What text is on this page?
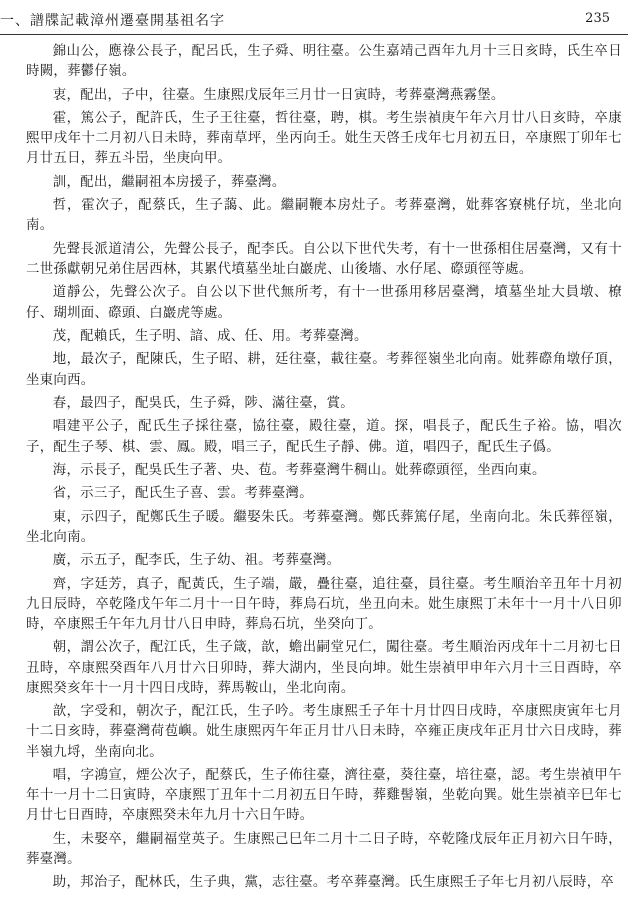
一、譜牒記載漳州遷臺開基祖名字	235

錦山公，應祿公長子，配呂氏，生子舜、明往臺。公生嘉靖己酉年九月十三日亥時，氏生卒日時闕，葬鬱仔嶺。

衷，配出，子中，往臺。生康熙戊辰年三月廿一日寅時，考葬臺灣燕霧堡。

霍，篤公子，配許氏，生子王往臺，哲往臺，聘，棋。考生崇禎庚午年六月廿八日亥時，卒康熙甲戌年十二月初八日未時，葬南草坪，坐丙向壬。妣生天啓壬戌年七月初五日，卒康熙丁卯年七月廿五日，葬五斗岊，坐庚向甲。

訓，配出，繼嗣祖本房援子，葬臺灣。

哲，霍次子，配蔡氏，生子藹、此。繼嗣鞭本房灶子。考葬臺灣，妣葬客寮桃仔坑，坐北向南。

先聲長派道清公，先聲公長子，配李氏。自公以下世代失考，有十一世孫相住居臺灣，又有十二世孫獻朝兄弟住居西林，其累代墳墓坐址白巖虎、山後墻、水仔尾、磜頭徑等處。

道靜公，先聲公次子。自公以下世代無所考，有十一世孫用移居臺灣，墳墓坐址大員墩、橑仔、瑚圳面、磜頭、白巖虎等處。

茂，配賴氏，生子明、諳、成、任、用。考葬臺灣。

地，最次子，配陳氏，生子昭、耕，廷往臺，載往臺。考葬徑嶺坐北向南。妣葬磜角墩仔頂，坐東向西。

春，最四子，配吳氏，生子舜，陟、滿往臺，賞。

唱建平公子，配氏生子採往臺，協往臺，殿往臺，道。探，唱長子，配氏生子裕。協，唱次子，配生子琴、棋、雲、鳳。殿，唱三子，配氏生子靜、佛。道，唱四子，配氏生子僞。

海，示長子，配吳氏生子著、央、苞。考葬臺灣牛稠山。妣葬磜頭徑，坐西向東。

省，示三子，配氏生子喜、雲。考葬臺灣。

東，示四子，配鄭氏生子暖。繼娶朱氏。考葬臺灣。鄭氏葬篤仔尾，坐南向北。朱氏葬徑嶺，坐北向南。

廣，示五子，配李氏，生子幼、祖。考葬臺灣。

齊，字廷芳，真子，配黃氏，生子端，嚴，疊往臺，追往臺，員往臺。考生順治辛丑年十月初九日辰時，卒乾隆戊午年二月十一日午時，葬烏石坑，坐丑向未。妣生康熙丁未年十一月十八日卯時，卒康熙壬午年九月廿八日申時，葬烏石坑，坐癸向丁。

朝，謂公次子，配江氏，生子箴，歆，蟾出嗣堂兄仁，闖往臺。考生順治丙戌年十二月初七日丑時，卒康熙癸酉年八月廿六日卯時，葬大湖内，坐艮向坤。妣生崇禎甲申年六月十三日酉時，卒康熙癸亥年十一月十四日戌時，葬馬鞍山，坐北向南。

歆，字受和，朝次子，配江氏，生子吟。考生康熙壬子年十月廿四日戌時，卒康熙庚寅年七月十二日亥時，葬臺灣荷苞嶼。妣生康熙丙午年正月廿八日未時，卒雍正庚戌年正月廿六日戌時，葬半嶺九埒，坐南向北。

唱，字鴻宣，煙公次子，配蔡氏，生子佈往臺，濟往臺，葵往臺，培往臺，認。考生崇禎甲午年十一月十二日寅時，卒康熙丁丑年十二月初五日午時，葬雞髻嶺，坐乾向巽。妣生崇禎辛巳年七月廿七日酉時，卒康熙癸未年九月十六日午時。

生，未娶卒，繼嗣福堂英子。生康熙己巳年二月十二日子時，卒乾隆戊辰年正月初六日午時，葬臺灣。

助，邦治子，配林氏，生子典，黨，志往臺。考卒葬臺灣。氏生康熙壬子年七月初八辰時，卒
